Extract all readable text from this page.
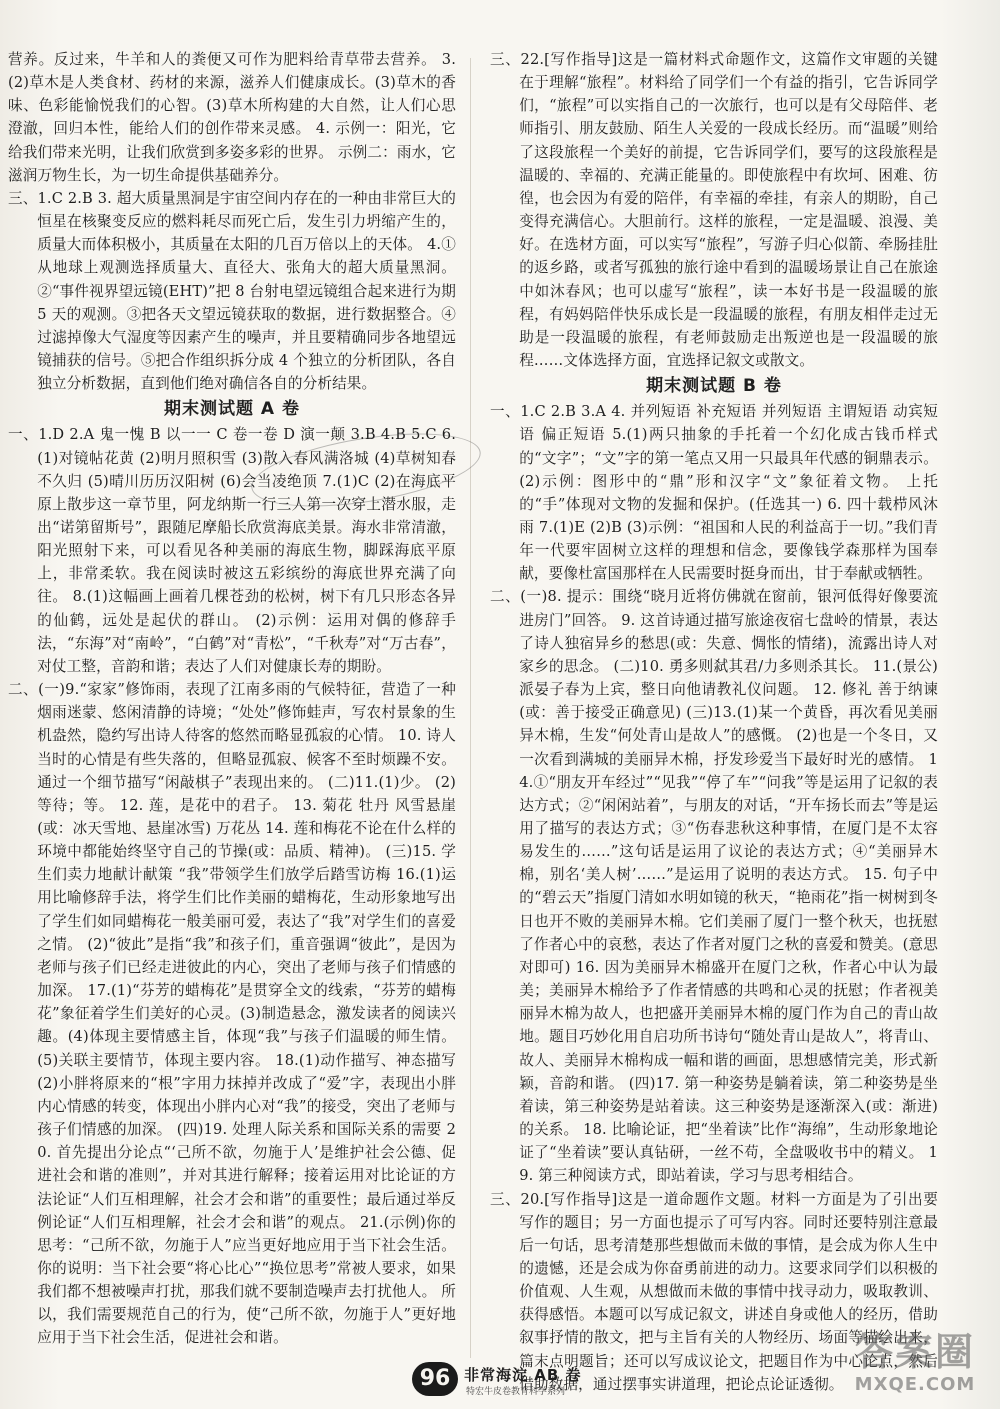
营养。反过来，牛羊和人的粪便又可作为肥料给青草带去营养。 3.(2)草木是人类食材、药材的来源，滋养人们健康成长。(3)草木的香味、色彩能愉悦我们的心智。(3)草木所构建的大自然，让人们心思澄澈，回归本性，能给人们的创作带来灵感。 4. 示例一：阳光，它给我们带来光明，让我们欣赏到多姿多彩的世界。 示例二：雨水，它滋润万物生长，为一切生命提供基础养分。

三、1.C 2.B 3. 超大质量黑洞是宇宙空间内存在的一种由非常巨大的恒星在核聚变反应的燃料耗尽而死亡后，发生引力坍缩产生的，质量大而体积极小，其质量在太阳的几百万倍以上的天体。 4.①从地球上观测选择质量大、直径大、张角大的超大质量黑洞。②“事件视界望远镜(EHT)”把 8 台射电望远镜组合起来进行为期 5 天的观测。③把各天文望远镜获取的数据，进行数据整合。④过滤掉像大气湿度等因素产生的噪声，并且要精确同步各地望远镜捕获的信号。⑤把合作组织拆分成 4 个独立的分析团队，各自独立分析数据，直到他们绝对确信各自的分析结果。

期末测试题 A 卷

一、1.D 2.A 鬼一愧 B 以一一 C 卷一卷 D 演一颠 3.B 4.B 5.C 6.(1)对镜帖花黄 (2)明月照积雪 (3)散入春风满洛城 (4)草树知春不久归 (5)晴川历历汉阳树 (6)会当凌绝顶 7.(1)C (2)在海底平原上散步这一章节里，阿龙纳斯一行三人第一次穿上潜水服，走出“诺第留斯号”，跟随尼摩船长欣赏海底美景。海水非常清澈，阳光照射下来，可以看见各种美丽的海底生物，脚踩海底平原上，非常柔软。我在阅读时被这五彩缤纷的海底世界充满了向往。 8.(1)这幅画上画着几棵苍劲的松树，树下有几只形态各异的仙鹤，远处是起伏的群山。 (2)示例：运用对偶的修辞手法，“东海”对“南岭”，“白鹤”对“青松”，“千秋寿”对“万古春”，对仗工整，音韵和谐；表达了人们对健康长寿的期盼。

二、(一)9.“家家”修饰雨，表现了江南多雨的气候特征，营造了一种烟雨迷蒙、悠闲清静的诗境；“处处”修饰蛙声，写农村景象的生机盎然，隐约写出诗人待客的悠然而略显孤寂的心情。 10. 诗人当时的心情是有些失落的，但略显孤寂、候客不至时烦躁不安。 通过一个细节描写“闲敲棋子”表现出来的。 (二)11.(1)少。 (2)等待；等。 12. 莲，是花中的君子。 13. 菊花 牡丹 风雪悬崖(或：冰天雪地、悬崖冰雪) 万花丛 14. 莲和梅花不论在什么样的环境中都能始终坚守自己的节操(或：品质、精神)。 (三)15. 学生们卖力地献计献策 “我”带领学生们放学后踏雪访梅 16.(1)运用比喻修辞手法，将学生们比作美丽的蜡梅花，生动形象地写出了学生们如同蜡梅花一般美丽可爱，表达了“我”对学生们的喜爱之情。 (2)“彼此”是指“我”和孩子们，重音强调“彼此”，是因为老师与孩子们已经走进彼此的内心，突出了老师与孩子们情感的加深。 17.(1)“芬芳的蜡梅花”是贯穿全文的线索，“芬芳的蜡梅花”象征着学生们美好的心灵。(3)制造悬念，激发读者的阅读兴趣。(4)体现主要情感主旨，体现“我”与孩子们温暖的师生情。(5)关联主要情节，体现主要内容。 18.(1)动作描写、神态描写 (2)小胖将原来的“根”字用力抹掉并改成了“爱”字，表现出小胖内心情感的转变，体现出小胖内心对“我”的接受，突出了老师与孩子们情感的加深。 (四)19. 处理人际关系和国际关系的需要 20. 首先提出分论点“‘己所不欲，勿施于人’是维护社会公德、促进社会和谐的准则”，并对其进行解释；接着运用对比论证的方法论证“人们互相理解，社会才会和谐”的重要性；最后通过举反例论证“人们互相理解，社会才会和谐”的观点。 21.(示例)你的思考：“己所不欲，勿施于人”应当更好地应用于当下社会生活。 你的说明：当下社会要“将心比心”“换位思考”常被人要求，如果我们都不想被噪声打扰，那我们就不要制造噪声去打扰他人。 所以，我们需要规范自己的行为，使“己所不欲，勿施于人”更好地应用于当下社会生活，促进社会和谐。

三、22.[写作指导]这是一篇材料式命题作文，这篇作文审题的关键在于理解“旅程”。材料给了同学们一个有益的指引，它告诉同学们，“旅程”可以实指自己的一次旅行，也可以是有父母陪伴、老师指引、朋友鼓励、陌生人关爱的一段成长经历。而“温暖”则给了这段旅程一个美好的前提，它告诉同学们，要写的这段旅程是温暖的、幸福的、充满正能量的。即使旅程中有坎坷、困难、彷徨，也会因为有爱的陪伴，有幸福的牵挂，有亲人的期盼，自己变得充满信心。大胆前行。这样的旅程，一定是温暖、浪漫、美好。在选材方面，可以实写“旅程”，写游子归心似箭、牵肠挂肚的返乡路，或者写孤独的旅行途中看到的温暖场景让自己在旅途中如沐春风；也可以虚写“旅程”，读一本好书是一段温暖的旅程，有妈妈陪伴快乐成长是一段温暖的旅程，有朋友相伴走过无助是一段温暖的旅程，有老师鼓励走出叛逆也是一段温暖的旅程……文体选择方面，宜选择记叙文或散文。

期末测试题 B 卷

一、1.C 2.B 3.A 4. 并列短语 补充短语 并列短语 主谓短语 动宾短语 偏正短语 5.(1)两只抽象的手托着一个幻化成古钱币样式的“文字”；“文”字的第一笔点又用一只最具年代感的铜鼎表示。 (2)示例：图形中的“鼎”形和汉字“文”象征着文物。 上托的“手”体现对文物的发掘和保护。(任选其一) 6. 四十载栉风沐雨 7.(1)E (2)B (3)示例：“祖国和人民的利益高于一切。”我们青年一代要牢固树立这样的理想和信念，要像钱学森那样为国奉献，要像杜富国那样在人民需要时挺身而出，甘于奉献或牺牲。

二、(一)8. 提示：围绕“晓月近将仿佛就在窗前，银河低得好像要流进房门”回答。 9. 这首诗通过描写旅途夜宿七盘岭的情景，表达了诗人独宿异乡的愁思(或：失意、惆怅的情绪)，流露出诗人对家乡的思念。 (二)10. 勇多则弑其君/力多则杀其长。 11.(景公)派晏子春为上宾，整日向他请教礼仪问题。 12. 修礼 善于纳谏(或：善于接受正确意见) (三)13.(1)某一个黄昏，再次看见美丽异木棉，生发“何处青山是故人”的感慨。 (2)也是一个冬日，又一次看到满城的美丽异木棉，抒发珍爱当下最好时光的感情。 14.①“朋友开车经过”“见我”“停了车”“问我”等是运用了记叙的表达方式；②“闲闲站着”，与朋友的对话，“开车扬长而去”等是运用了描写的表达方式；③“伤春悲秋这种事情，在厦门是不太容易发生的……”这句话是运用了议论的表达方式；④“美丽异木棉，别名‘美人树’……”是运用了说明的表达方式。 15. 句子中的“碧云天”指厦门清如水明如镜的秋天，“艳雨花”指一树树到冬日也开不败的美丽异木棉。它们美丽了厦门一整个秋天，也抚慰了作者心中的哀愁，表达了作者对厦门之秋的喜爱和赞美。(意思对即可) 16. 因为美丽异木棉盛开在厦门之秋，作者心中认为最美；美丽异木棉给予了作者情感的共鸣和心灵的抚慰；作者视美丽异木棉为故人，也把盛开美丽异木棉的厦门作为自己的青山故地。题目巧妙化用自启功所书诗句“随处青山是故人”，将青山、故人、美丽异木棉构成一幅和谐的画面，思想感情完美，形式新颖，音韵和谐。 (四)17. 第一种姿势是躺着读，第二种姿势是坐着读，第三种姿势是站着读。这三种姿势是逐渐深入(或：渐进)的关系。 18. 比喻论证，把“坐着读”比作“海绵”，生动形象地论证了“坐着读”要认真钻研，一丝不苟，全盘吸收书中的精义。 19. 第三种阅读方式，即站着读，学习与思考相结合。

三、20.[写作指导]这是一道命题作文题。材料一方面是为了引出要写作的题目；另一方面也提示了可写内容。同时还要特别注意最后一句话，思考清楚那些想做而未做的事情，是会成为你人生中的遗憾，还是会成为你奋勇前进的动力。这要求同学们以积极的价值观、人生观，从想做而未做的事情中找寻动力，吸取教训、获得感悟。本题可以写成记叙文，讲述自身或他人的经历，借助叙事抒情的散文，把与主旨有关的人物经历、场面等描绘出来，篇末点明题旨；还可以写成议论文，把题目作为中心论点，然后借助数据，通过摆事实讲道理，把论点论证透彻。

96 非常海淀 AB 卷
特宏牛皮卷教育科学系列
答案圈
MXQE.COM
